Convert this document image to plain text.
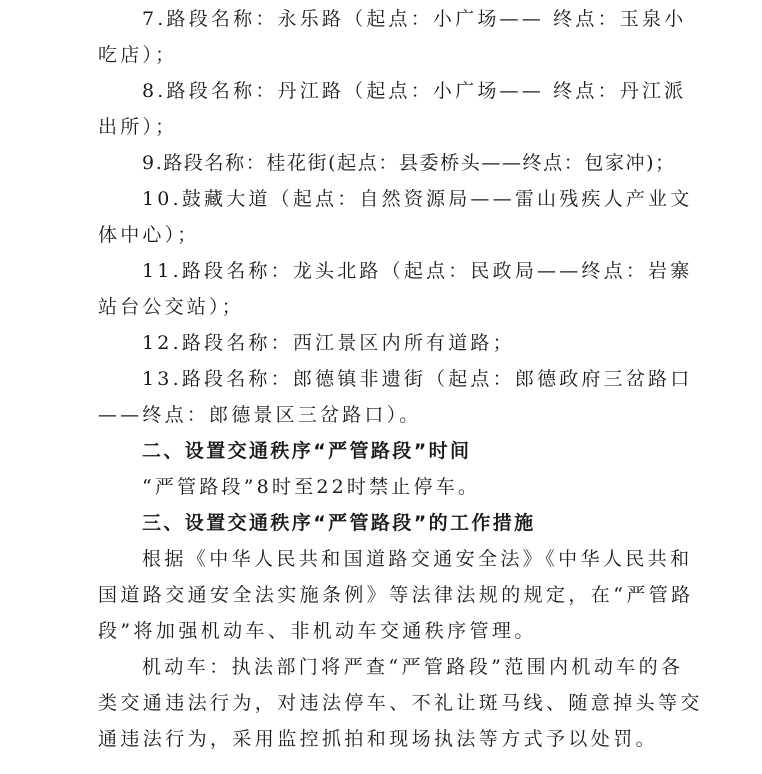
7.路段名称：永乐路（起点：小广场—— 终点：玉泉小
吃店）；
8.路段名称：丹江路（起点：小广场—— 终点：丹江派
出所）；
9.路段名称：桂花街(起点：县委桥头——终点：包家冲)；
10.鼓藏大道（起点：自然资源局——雷山残疾人产业文
体中心）；
11.路段名称：龙头北路（起点：民政局——终点：岩寨
站台公交站）；
12.路段名称：西江景区内所有道路；
13.路段名称：郎德镇非遗街（起点：郎德政府三岔路口
——终点：郎德景区三岔路口）。
二、设置交通秩序“严管路段”时间
“严管路段”8时至22时禁止停车。
三、设置交通秩序“严管路段”的工作措施
根据《中华人民共和国道路交通安全法》《中华人民共和
国道路交通安全法实施条例》等法律法规的规定，在“严管路
段”将加强机动车、非机动车交通秩序管理。
机动车：执法部门将严查“严管路段”范围内机动车的各
类交通违法行为，对违法停车、不礼让斑马线、随意掉头等交
通违法行为，采用监控抓拍和现场执法等方式予以处罚。
